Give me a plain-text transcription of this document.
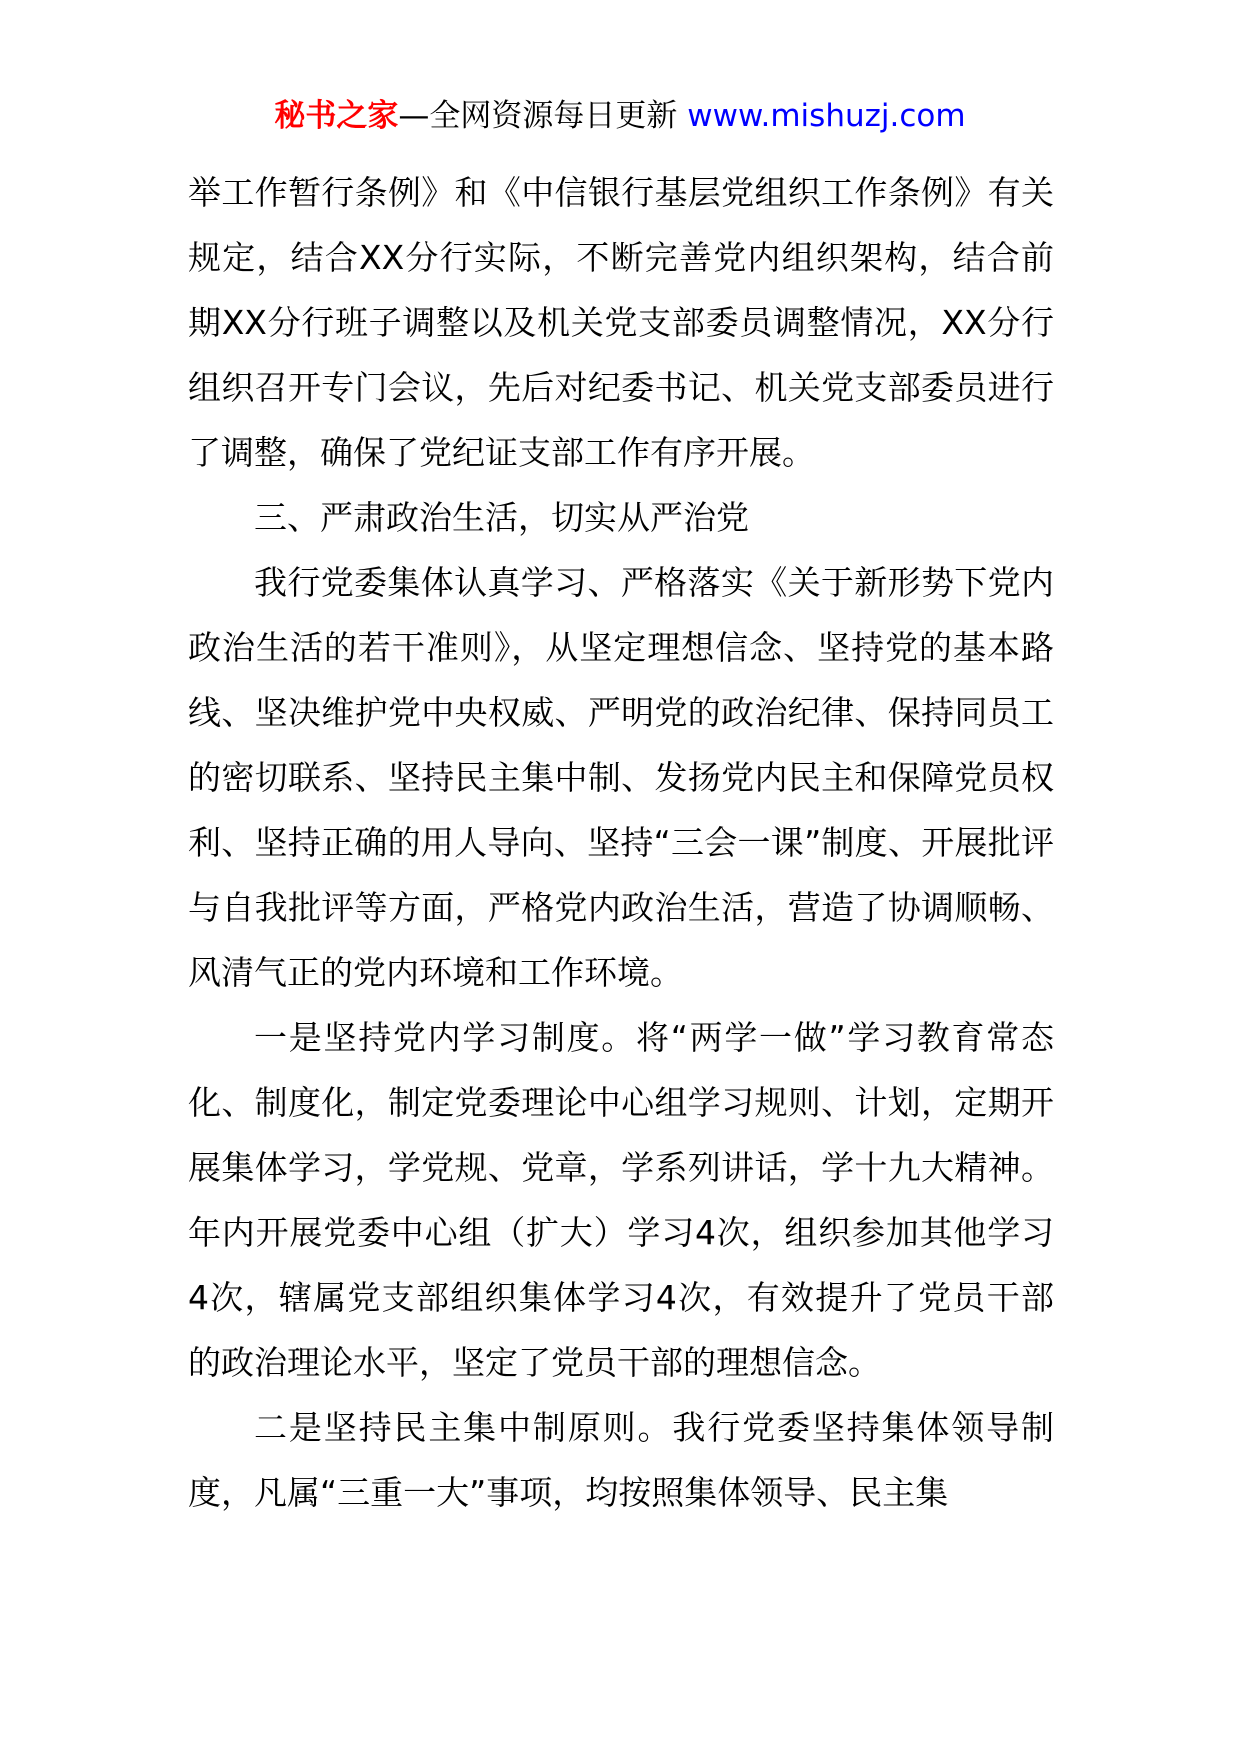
秘书之家—全网资源每日更新 www.mishuzj.com

举工作暂行条例》和《中信银行基层党组织工作条例》有关规定，结合XX分行实际，不断完善党内组织架构，结合前期XX分行班子调整以及机关党支部委员调整情况，XX分行组织召开专门会议，先后对纪委书记、机关党支部委员进行了调整，确保了党纪证支部工作有序开展。

三、严肃政治生活，切实从严治党

我行党委集体认真学习、严格落实《关于新形势下党内政治生活的若干准则》，从坚定理想信念、坚持党的基本路线、坚决维护党中央权威、严明党的政治纪律、保持同员工的密切联系、坚持民主集中制、发扬党内民主和保障党员权利、坚持正确的用人导向、坚持“三会一课”制度、开展批评与自我批评等方面，严格党内政治生活，营造了协调顺畅、风清气正的党内环境和工作环境。

一是坚持党内学习制度。将“两学一做”学习教育常态化、制度化，制定党委理论中心组学习规则、计划，定期开展集体学习，学党规、党章，学系列讲话，学十九大精神。年内开展党委中心组（扩大）学习4次，组织参加其他学习4次，辖属党支部组织集体学习4次，有效提升了党员干部的政治理论水平，坚定了党员干部的理想信念。

二是坚持民主集中制原则。我行党委坚持集体领导制度，凡属“三重一大”事项，均按照集体领导、民主集
